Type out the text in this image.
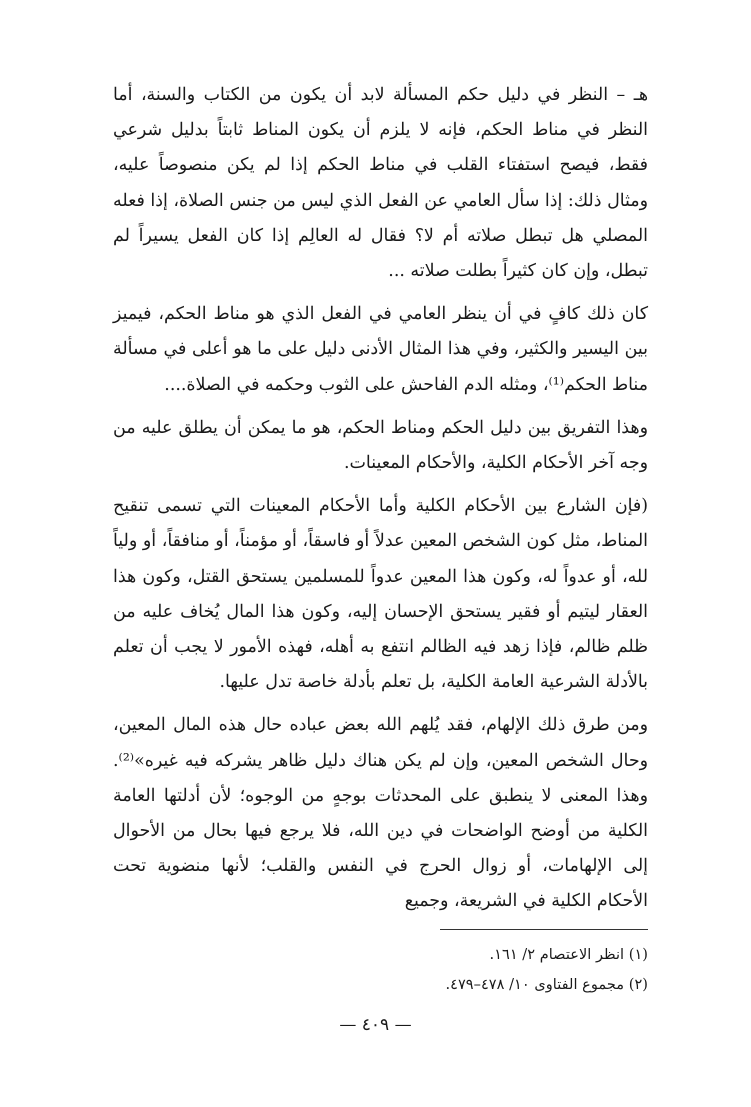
هـ – النظر في دليل حكم المسألة لابد أن يكون من الكتاب والسنة، أما النظر في مناط الحكم، فإنه لا يلزم أن يكون المناط ثابتاً بدليل شرعي فقط، فيصح استفتاء القلب في مناط الحكم إذا لم يكن منصوصاً عليه، ومثال ذلك: إذا سأل العامي عن الفعل الذي ليس من جنس الصلاة، إذا فعله المصلي هل تبطل صلاته أم لا؟ فقال له العالِم إذا كان الفعل يسيراً لم تبطل، وإن كان كثيراً بطلت صلاته ...

كان ذلك كافٍ في أن ينظر العامي في الفعل الذي هو مناط الحكم، فيميز بين اليسير والكثير، وفي هذا المثال الأدنى دليل على ما هو أعلى في مسألة مناط الحكم⁽¹⁾، ومثله الدم الفاحش على الثوب وحكمه في الصلاة....

وهذا التفريق بين دليل الحكم ومناط الحكم، هو ما يمكن أن يطلق عليه من وجه آخر الأحكام الكلية، والأحكام المعينات.

(فإن الشارع بين الأحكام الكلية وأما الأحكام المعينات التي تسمى تنقيح المناط، مثل كون الشخص المعين عدلاً أو فاسقاً، أو مؤمناً، أو منافقاً، أو ولياً لله، أو عدواً له، وكون هذا المعين عدواً للمسلمين يستحق القتل، وكون هذا العقار ليتيم أو فقير يستحق الإحسان إليه، وكون هذا المال يُخاف عليه من ظلم ظالم، فإذا زهد فيه الظالم انتفع به أهله، فهذه الأمور لا يجب أن تعلم بالأدلة الشرعية العامة الكلية، بل تعلم بأدلة خاصة تدل عليها.

ومن طرق ذلك الإلهام، فقد يُلهم الله بعض عباده حال هذه المال المعين، وحال الشخص المعين، وإن لم يكن هناك دليل ظاهر يشركه فيه غيره»⁽²⁾. وهذا المعنى لا ينطبق على المحدثات بوجهٍ من الوجوه؛ لأن أدلتها العامة الكلية من أوضح الواضحات في دين الله، فلا يرجع فيها بحال من الأحوال إلى الإلهامات، أو زوال الحرج في النفس والقلب؛ لأنها منضوية تحت الأحكام الكلية في الشريعة، وجميع

(١) انظر الاعتصام ٢/ ١٦١.

(٢) مجموع الفتاوى ١٠/ ٤٧٨–٤٧٩.

— ٤٠٩ —
